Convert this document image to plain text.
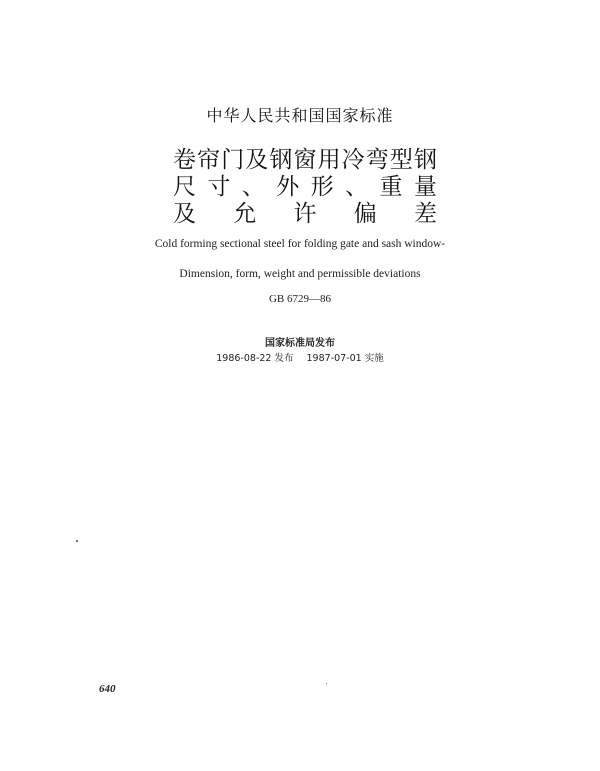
中华人民共和国国家标准
卷 帘 门 及 钢 窗 用 冷 弯 型 钢
尺 寸 、 外 形 、 重 量
及 允 许 偏 差
Cold forming sectional steel for folding gate and sash window-
Dimension, form, weight and permissible deviations
GB 6729—86
国家标准局发布
1986-08-22 发布 1987-07-01 实施
640
